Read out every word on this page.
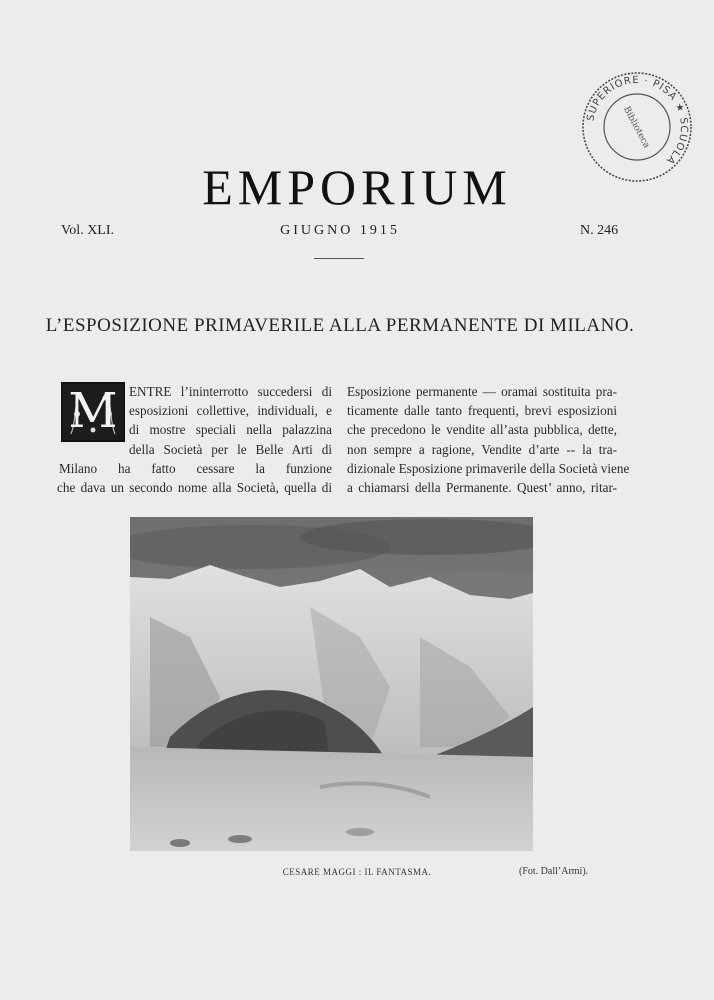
SUPERIORE · PISA ★ SCUOLA
Biblioteca
EMPORIUM
Vol. XLI.	GIUGNO 1915	N. 246
L’ESPOSIZIONE PRIMAVERILE ALLA PERMANENTE DI MILANO.
M ENTRE l’ininterrotto succedersi di
esposizioni collettive, individuali, e
di mostre speciali nella palazzina
della Società per le Belle Arti di
Milano ha fatto cessare la funzione
che dava un secondo nome alla Società, quella di
Esposizione permanente — oramai sostituita pra-
ticamente dalle tanto frequenti, brevi esposizioni
che precedono le vendite all’asta pubblica, dette,
non sempre a ragione, Vendite d’arte -- la tra-
dizionale Esposizione primaverile della Società viene
a chiamarsi della Permanente. Quest’ anno, ritar-
CESARE MAGGI : IL FANTASMA.	(Fot. Dall’Armi).
